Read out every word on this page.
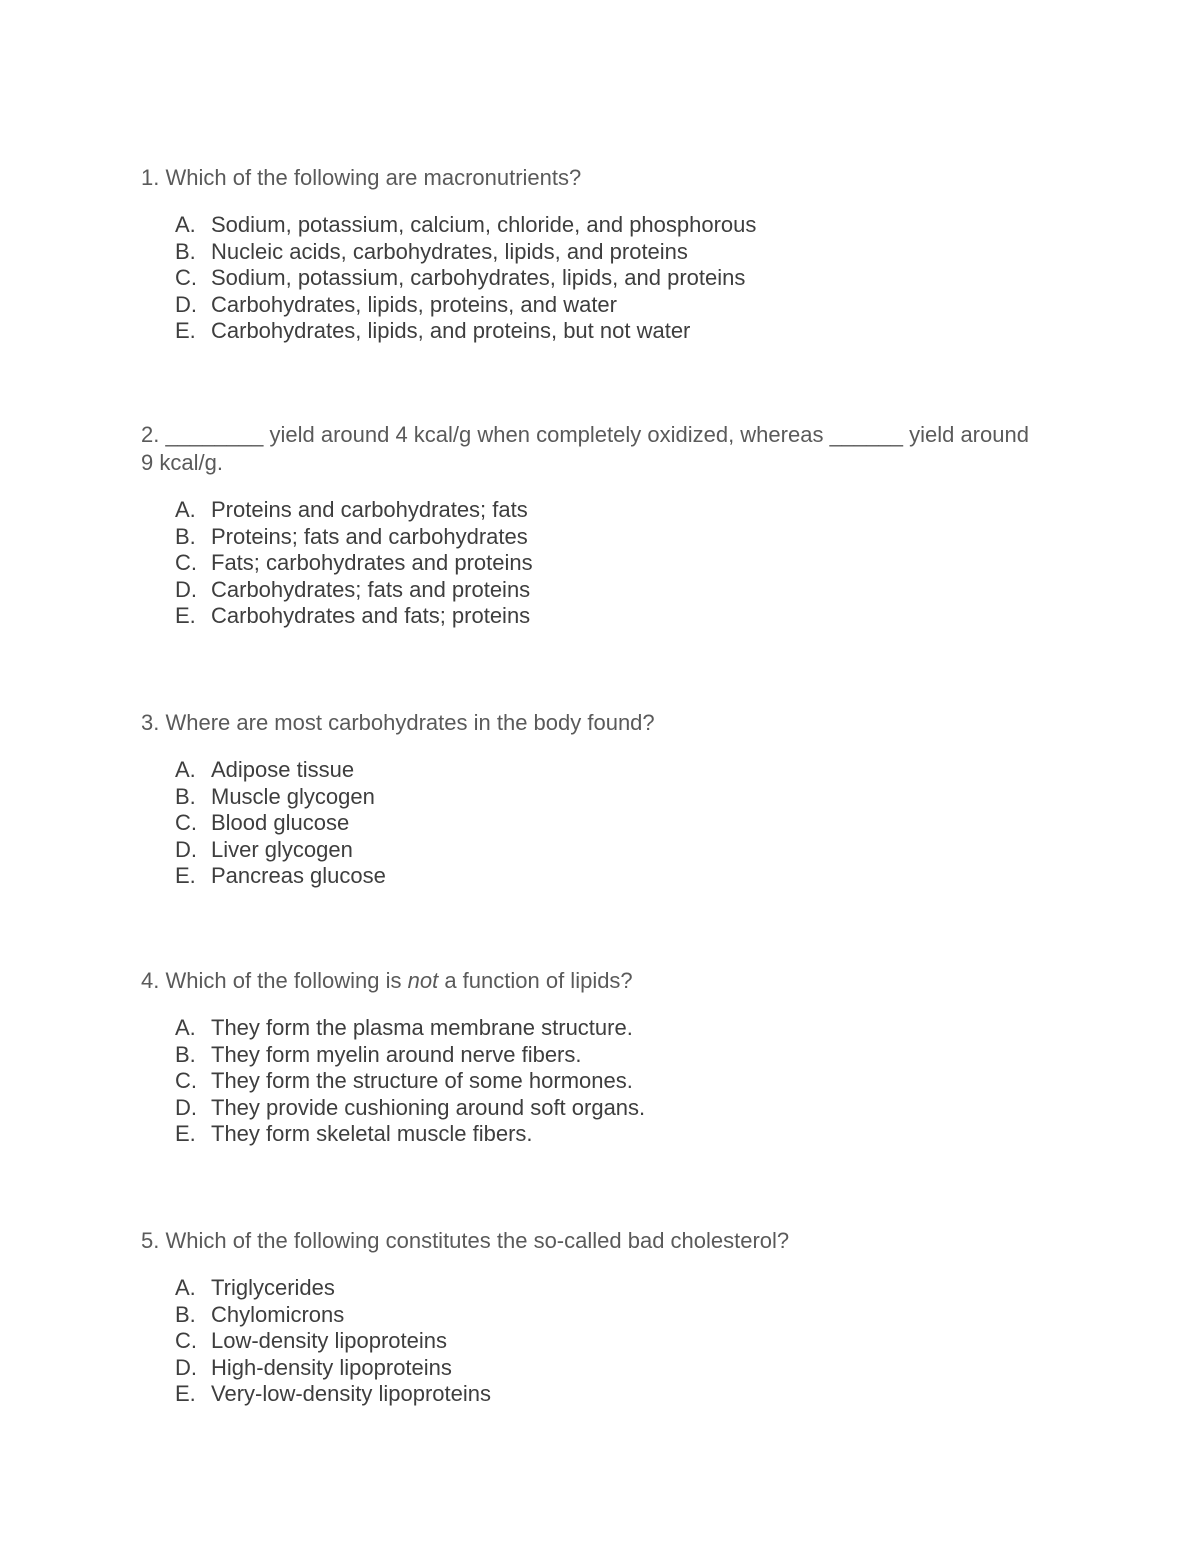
1. Which of the following are macronutrients?

A. Sodium, potassium, calcium, chloride, and phosphorous
B. Nucleic acids, carbohydrates, lipids, and proteins
C. Sodium, potassium, carbohydrates, lipids, and proteins
D. Carbohydrates, lipids, proteins, and water
E. Carbohydrates, lipids, and proteins, but not water

2. ________ yield around 4 kcal/g when completely oxidized, whereas ______ yield around 9 kcal/g.

A. Proteins and carbohydrates; fats
B. Proteins; fats and carbohydrates
C. Fats; carbohydrates and proteins
D. Carbohydrates; fats and proteins
E. Carbohydrates and fats; proteins

3. Where are most carbohydrates in the body found?

A. Adipose tissue
B. Muscle glycogen
C. Blood glucose
D. Liver glycogen
E. Pancreas glucose

4. Which of the following is not a function of lipids?

A. They form the plasma membrane structure.
B. They form myelin around nerve fibers.
C. They form the structure of some hormones.
D. They provide cushioning around soft organs.
E. They form skeletal muscle fibers.

5. Which of the following constitutes the so-called bad cholesterol?

A. Triglycerides
B. Chylomicrons
C. Low-density lipoproteins
D. High-density lipoproteins
E. Very-low-density lipoproteins
